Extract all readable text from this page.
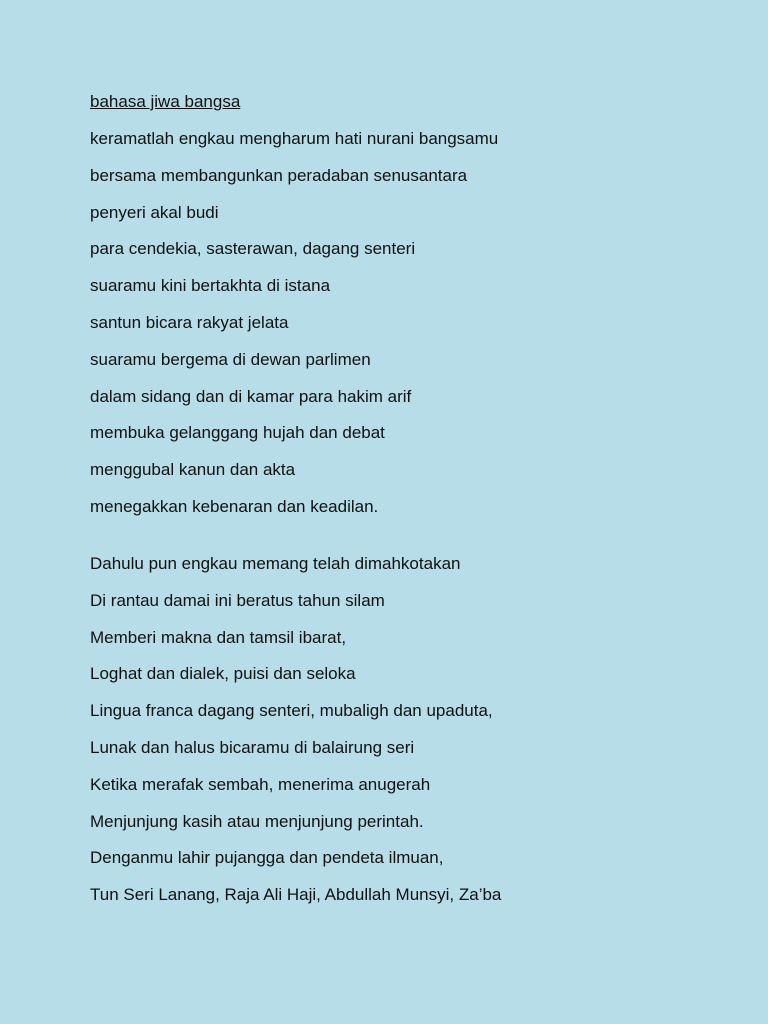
bahasa jiwa bangsa
keramatlah engkau mengharum hati nurani bangsamu
bersama membangunkan peradaban senusantara
penyeri akal budi
para cendekia, sasterawan, dagang senteri
suaramu kini bertakhta di istana
santun bicara rakyat jelata
suaramu bergema di dewan parlimen
dalam sidang dan di kamar para hakim arif
membuka gelanggang hujah dan debat
menggubal kanun dan akta
menegakkan kebenaran dan keadilan.
Dahulu pun engkau memang telah dimahkotakan
Di rantau damai ini beratus tahun silam
Memberi makna dan tamsil ibarat,
Loghat dan dialek, puisi dan seloka
Lingua franca dagang senteri, mubaligh dan upaduta,
Lunak dan halus bicaramu di balairung seri
Ketika merafak sembah, menerima anugerah
Menjunjung kasih atau menjunjung perintah.
Denganmu lahir pujangga dan pendeta ilmuan,
Tun Seri Lanang, Raja Ali Haji, Abdullah Munsyi, Za’ba
